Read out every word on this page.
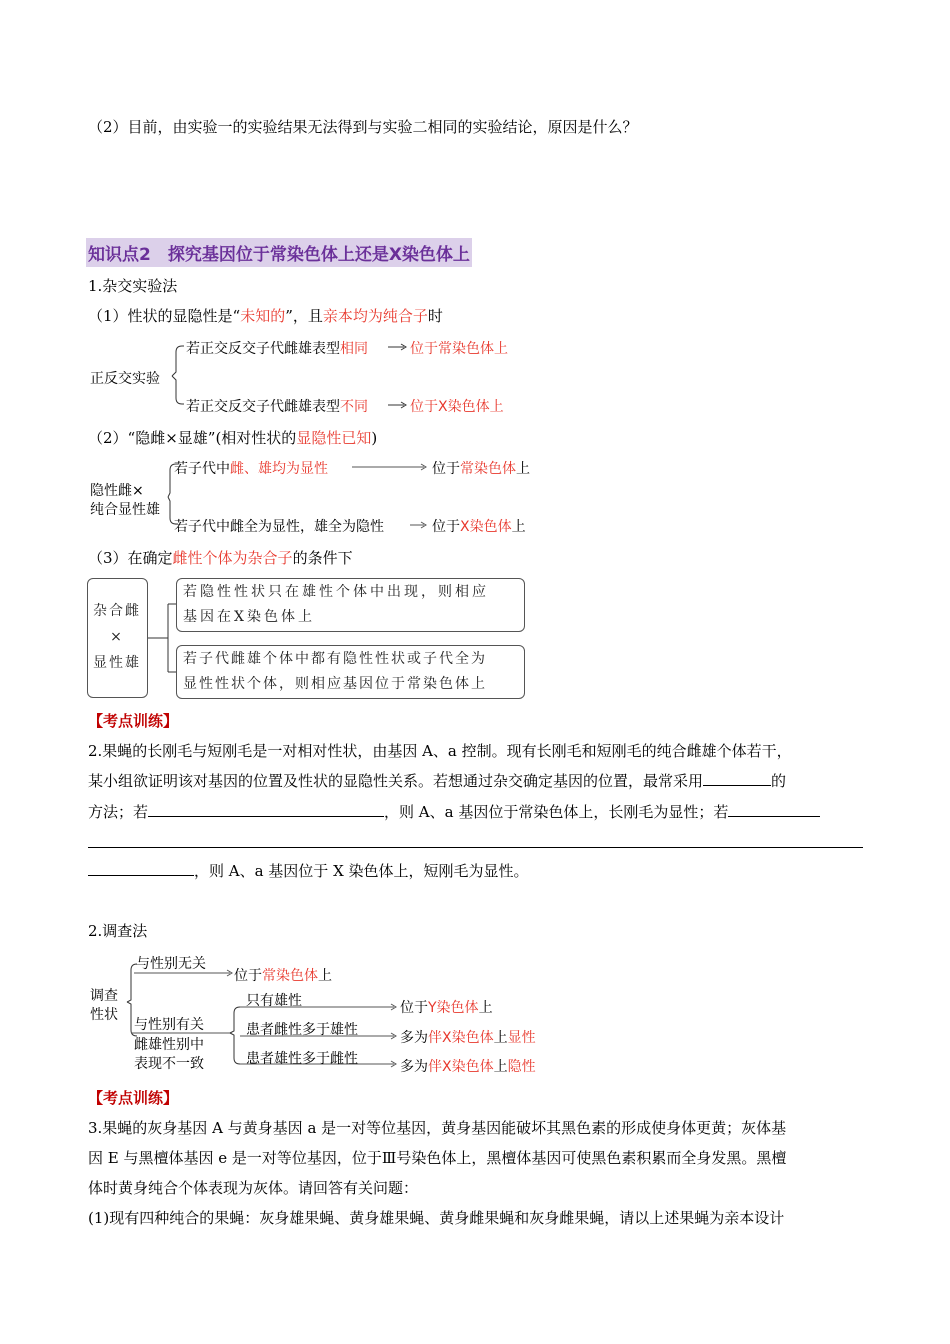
（2）目前，由实验一的实验结果无法得到与实验二相同的实验结论，原因是什么？
知识点2　探究基因位于常染色体上还是X染色体上
1.杂交实验法
（1）性状的显隐性是“未知的”，且亲本均为纯合子时
正反交实验
若正交反交子代雌雄表型相同	位于常染色体上
若正交反交子代雌雄表型不同	位于X染色体上
（2）“隐雌×显雄”(相对性状的显隐性已知)
隐性雌×
纯合显性雄
若子代中雌、雄均为显性	位于常染色体上
若子代中雌全为显性，雄全为隐性	位于X染色体上
（3）在确定雌性个体为杂合子的条件下
杂合雌
×
显性雄
若隐性性状只在雄性个体中出现，则相应
基因在X染色体上
若子代雌雄个体中都有隐性性状或子代全为
显性性状个体，则相应基因位于常染色体上
【考点训练】
2.果蝇的长刚毛与短刚毛是一对相对性状，由基因 A、a 控制。现有长刚毛和短刚毛的纯合雌雄个体若干，
某小组欲证明该对基因的位置及性状的显隐性关系。若想通过杂交确定基因的位置，最常采用	的
方法；若	，则 A、a 基因位于常染色体上，长刚毛为显性；若
，则 A、a 基因位于 X 染色体上，短刚毛为显性。
2.调查法
调查
性状
与性别无关
位于常染色体上
与性别有关
雌雄性别中
表现不一致
只有雄性	位于Y染色体上
患者雌性多于雄性	多为伴X染色体上显性
患者雄性多于雌性	多为伴X染色体上隐性
【考点训练】
3.果蝇的灰身基因 A 与黄身基因 a 是一对等位基因，黄身基因能破坏其黑色素的形成使身体更黄；灰体基
因 E 与黑檀体基因 e 是一对等位基因，位于Ⅲ号染色体上，黑檀体基因可使黑色素积累而全身发黑。黑檀
体时黄身纯合个体表现为灰体。请回答有关问题：
(1)现有四种纯合的果蝇：灰身雄果蝇、黄身雄果蝇、黄身雌果蝇和灰身雌果蝇，请以上述果蝇为亲本设计
